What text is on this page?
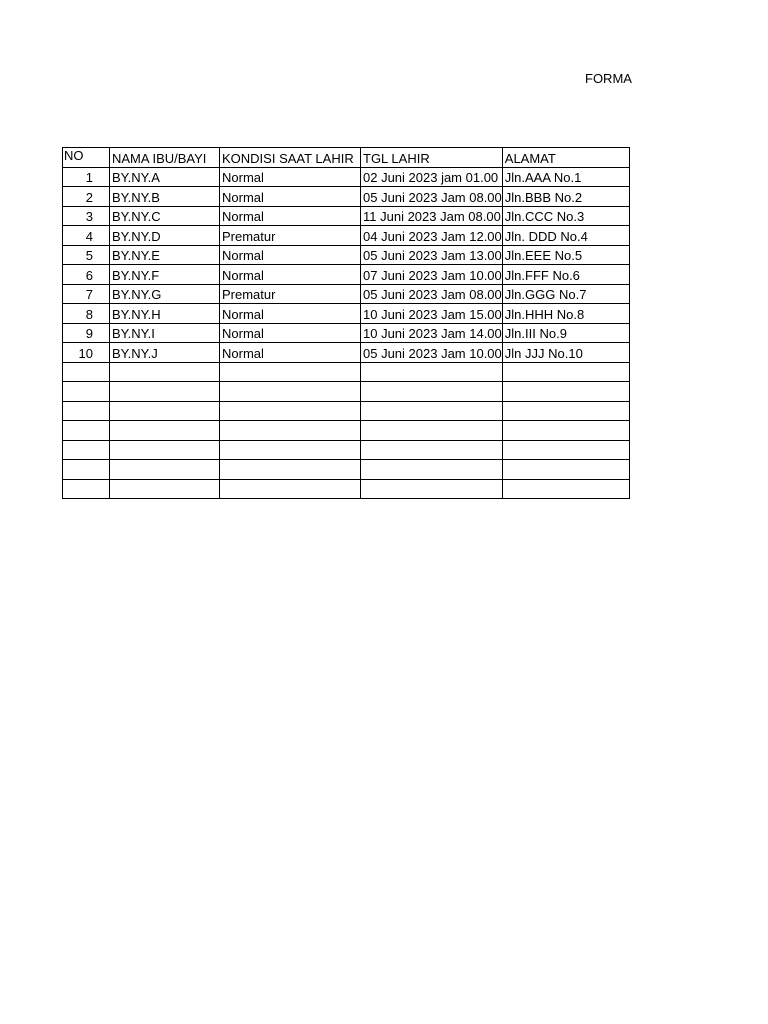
FORMA
NO	NAMA IBU/BAYI	KONDISI SAAT LAHIR	TGL LAHIR	ALAMAT
1	BY.NY.A	Normal	02 Juni 2023 jam 01.00	Jln.AAA No.1
2	BY.NY.B	Normal	05 Juni 2023 Jam 08.00	Jln.BBB No.2
3	BY.NY.C	Normal	11 Juni 2023 Jam 08.00	Jln.CCC No.3
4	BY.NY.D	Prematur	04 Juni 2023 Jam 12.00	Jln. DDD No.4
5	BY.NY.E	Normal	05 Juni 2023 Jam 13.00	Jln.EEE No.5
6	BY.NY.F	Normal	07 Juni 2023 Jam 10.00	Jln.FFF No.6
7	BY.NY.G	Prematur	05 Juni 2023 Jam 08.00	Jln.GGG No.7
8	BY.NY.H	Normal	10 Juni 2023 Jam 15.00	Jln.HHH No.8
9	BY.NY.I	Normal	10 Juni 2023 Jam 14.00	Jln.III No.9
10	BY.NY.J	Normal	05 Juni 2023 Jam 10.00	Jln JJJ No.10
